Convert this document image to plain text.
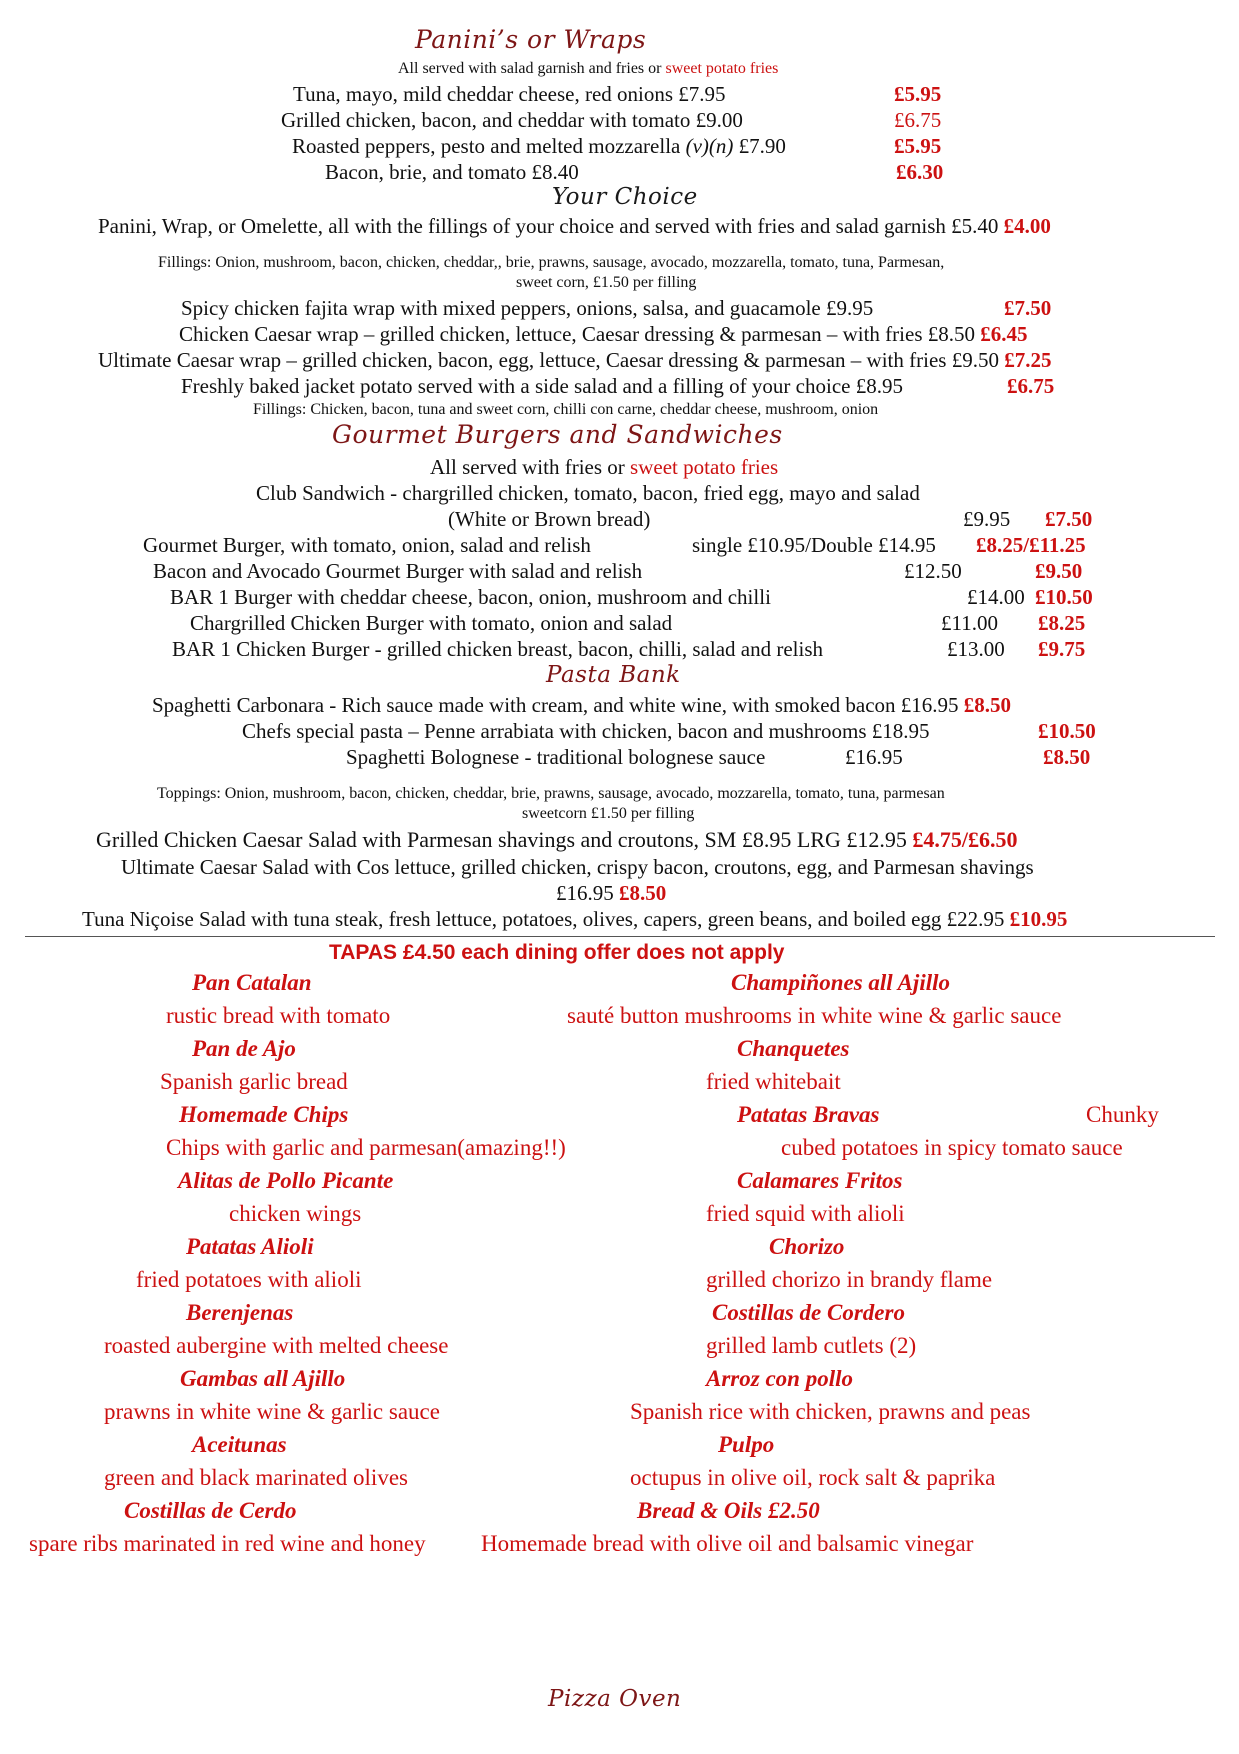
Panini’s or Wraps
All served with salad garnish and fries or sweet potato fries
Tuna, mayo, mild cheddar cheese, red onions £7.95	£5.95
Grilled chicken, bacon, and cheddar with tomato £9.00	£6.75
Roasted peppers, pesto and melted mozzarella (v)(n) £7.90	£5.95
Bacon, brie, and tomato £8.40	£6.30
Your Choice
Panini, Wrap, or Omelette, all with the fillings of your choice and served with fries and salad garnish £5.40 £4.00
Fillings: Onion, mushroom, bacon, chicken, cheddar,, brie, prawns, sausage, avocado, mozzarella, tomato, tuna, Parmesan,
sweet corn, £1.50 per filling
Spicy chicken fajita wrap with mixed peppers, onions, salsa, and guacamole £9.95	£7.50
Chicken Caesar wrap – grilled chicken, lettuce, Caesar dressing & parmesan – with fries £8.50 £6.45
Ultimate Caesar wrap – grilled chicken, bacon, egg, lettuce, Caesar dressing & parmesan – with fries £9.50 £7.25
Freshly baked jacket potato served with a side salad and a filling of your choice £8.95	£6.75
Fillings: Chicken, bacon, tuna and sweet corn, chilli con carne, cheddar cheese, mushroom, onion
Gourmet Burgers and Sandwiches
All served with fries or sweet potato fries
Club Sandwich - chargrilled chicken, tomato, bacon, fried egg, mayo and salad
(White or Brown bread)	£9.95 £7.50
Gourmet Burger, with tomato, onion, salad and relish	single £10.95/Double £14.95 £8.25/£11.25
Bacon and Avocado Gourmet Burger with salad and relish	£12.50	£9.50
BAR 1 Burger with cheddar cheese, bacon, onion, mushroom and chilli	£14.00 £10.50
Chargrilled Chicken Burger with tomato, onion and salad	£11.00 £8.25
BAR 1 Chicken Burger - grilled chicken breast, bacon, chilli, salad and relish	£13.00 £9.75
Pasta Bank
Spaghetti Carbonara - Rich sauce made with cream, and white wine, with smoked bacon £16.95 £8.50
Chefs special pasta – Penne arrabiata with chicken, bacon and mushrooms £18.95	£10.50
Spaghetti Bolognese - traditional bolognese sauce	£16.95	£8.50
Toppings: Onion, mushroom, bacon, chicken, cheddar, brie, prawns, sausage, avocado, mozzarella, tomato, tuna, parmesan
sweetcorn £1.50 per filling
Grilled Chicken Caesar Salad with Parmesan shavings and croutons, SM £8.95 LRG £12.95 £4.75/£6.50
Ultimate Caesar Salad with Cos lettuce, grilled chicken, crispy bacon, croutons, egg, and Parmesan shavings
£16.95 £8.50
Tuna Niçoise Salad with tuna steak, fresh lettuce, potatoes, olives, capers, green beans, and boiled egg £22.95 £10.95
TAPAS £4.50 each dining offer does not apply
Pan Catalan
rustic bread with tomato
Pan de Ajo
Spanish garlic bread
Homemade Chips
Chips with garlic and parmesan(amazing!!)
Alitas de Pollo Picante
chicken wings
Patatas Alioli
fried potatoes with alioli
Berenjenas
roasted aubergine with melted cheese
Gambas all Ajillo
prawns in white wine & garlic sauce
Aceitunas
green and black marinated olives
Costillas de Cerdo
spare ribs marinated in red wine and honey
Champiñones all Ajillo
sauté button mushrooms in white wine & garlic sauce
Chanquetes
fried whitebait
Patatas Bravas	Chunky
cubed potatoes in spicy tomato sauce
Calamares Fritos
fried squid with alioli
Chorizo
grilled chorizo in brandy flame
Costillas de Cordero
grilled lamb cutlets (2)
Arroz con pollo
Spanish rice with chicken, prawns and peas
Pulpo
octupus in olive oil, rock salt & paprika
Bread & Oils £2.50
Homemade bread with olive oil and balsamic vinegar
Pizza Oven
